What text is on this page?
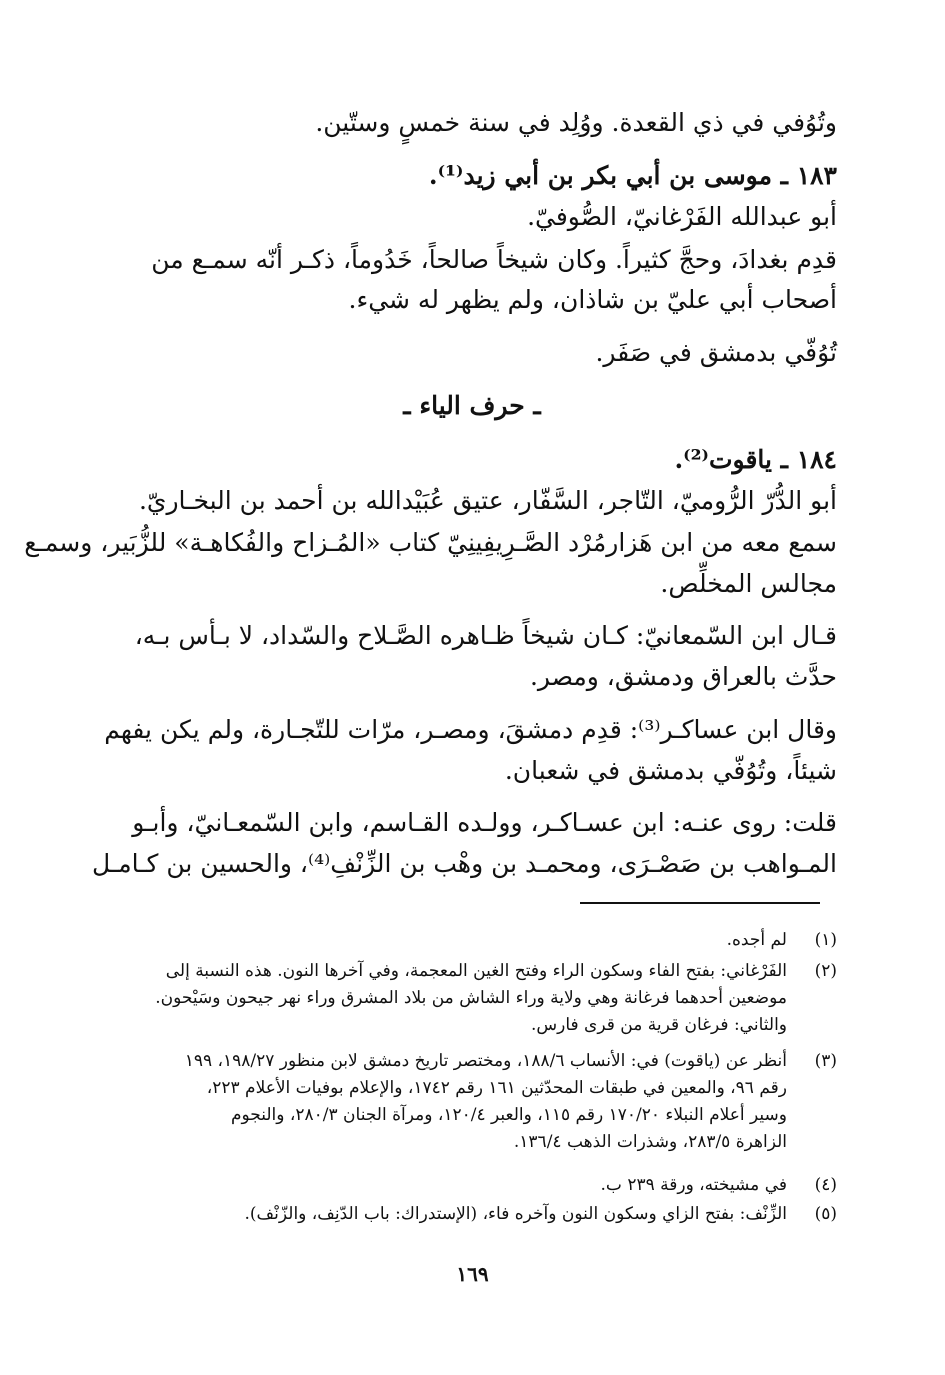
وتُوُفي في ذي القعدة. ووُلِد في سنة خمسٍ وستّين.
١٨٣ ـ موسى بن أبي بكر بن أبي زيد⁽¹⁾.
أبو عبدالله الفَرْغانيّ، الصُّوفيّ.
قدِم بغدادَ، وحجَّ كثيراً. وكان شيخاً صالحاً، خَدُوماً، ذكـر أنّه سمـع من
أصحاب أبي عليّ بن شاذان، ولم يظهر له شيء.
تُوُفّي بدمشق في صَفَر.
ـ حرف الياء ـ
١٨٤ ـ ياقوت⁽²⁾.
أبو الدُّرّ الرُّوميّ، التّاجر، السَّفّار، عتيق عُبَيْدالله بن أحمد بن البخـاريّ.
سمع معه من ابن هَزارمُرْد الصَّـرِيفِينِيّ كتاب «المُـزاح والفُكاهـة» للزُّبَير، وسمـع
مجالس المخلِّص.
قـال ابن السّمعانيّ: كـان شيخاً ظـاهره الصَّـلاح والسّداد، لا بـأس بـه،
حدَّث بالعراق ودمشق، ومصر.
وقال ابن عساكـر⁽³⁾: قدِم دمشقَ، ومصـر، مرّات للتّجـارة، ولم يكن يفهم
شيئاً، وتُوُفّي بدمشق في شعبان.
قلت: روى عنـه: ابن عسـاكـر، وولـده القـاسم، وابن السّمعـانيّ، وأبـو
المـواهب بن صَصْـرَى، ومحمـد بن وهْب بن الزِّنْفِ⁽⁴⁾، والحسين بن كـامـل
(١)
لم أجده.
(٢)
الفَرْغاني: بفتح الفاء وسكون الراء وفتح الغين المعجمة، وفي آخرها النون. هذه النسبة إلى
موضعين أحدهما فرغانة وهي ولاية وراء الشاش من بلاد المشرق وراء نهر جيحون وسَيْحون.
والثاني: فرغان قرية من قرى فارس.
(٣)
أنظر عن (ياقوت) في: الأنساب ١٨٨/٦، ومختصر تاريخ دمشق لابن منظور ١٩٨/٢٧، ١٩٩
رقم ٩٦، والمعين في طبقات المحدّثين ١٦١ رقم ١٧٤٢، والإعلام بوفيات الأعلام ٢٢٣،
وسير أعلام النبلاء ١٧٠/٢٠ رقم ١١٥، والعبر ١٢٠/٤، ومرآة الجنان ٢٨٠/٣، والنجوم
الزاهرة ٢٨٣/٥، وشذرات الذهب ١٣٦/٤.
(٤)
في مشيخته، ورقة ٢٣٩ ب.
(٥)
الزِّنْف: بفتح الزاي وسكون النون وآخره فاء، (الإستدراك: باب الدّنِف، والزّنْف).
١٦٩
